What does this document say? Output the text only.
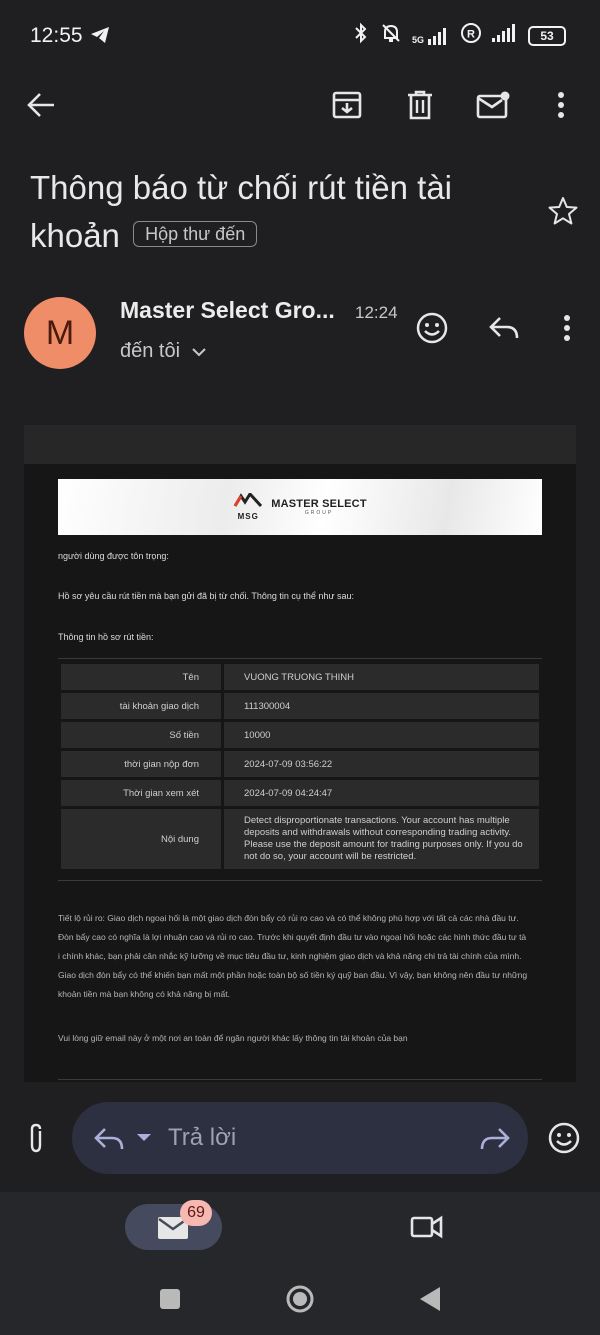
12:55	5G	R	53
Thông báo từ chối rút tiền tài khoản Hộp thư đến
M
Master Select Gro... 12:24
đến tôi
MSG
MASTER SELECT
GROUP
người dùng được tôn trọng:
Hồ sơ yêu cầu rút tiền mà bạn gửi đã bị từ chối. Thông tin cụ thể như sau:
Thông tin hồ sơ rút tiền:
Tên	VUONG TRUONG THINH
tài khoản giao dịch	111300004
Số tiền	10000
thời gian nộp đơn	2024-07-09 03:56:22
Thời gian xem xét	2024-07-09 04:24:47
Nội dung	Detect disproportionate transactions. Your account has multiple deposits and withdrawals without corresponding trading activity. Please use the deposit amount for trading purposes only. If you do not do so, your account will be restricted.
Tiết lộ rủi ro: Giao dịch ngoại hối là một giao dịch đòn bẩy có rủi ro cao và có thể không phù hợp với tất cả các nhà đầu tư.
Đòn bẩy cao có nghĩa là lợi nhuận cao và rủi ro cao. Trước khi quyết định đầu tư vào ngoại hối hoặc các hình thức đầu tư tà
i chính khác, bạn phải cân nhắc kỹ lưỡng về mục tiêu đầu tư, kinh nghiệm giao dịch và khả năng chi trả tài chính của mình.
Giao dịch đòn bẩy có thể khiến bạn mất một phần hoặc toàn bộ số tiền ký quỹ ban đầu. Vì vậy, bạn không nên đầu tư những
khoản tiền mà bạn không có khả năng bị mất.
Vui lòng giữ email này ở một nơi an toàn để ngăn người khác lấy thông tin tài khoản của bạn
Trả lời
69
